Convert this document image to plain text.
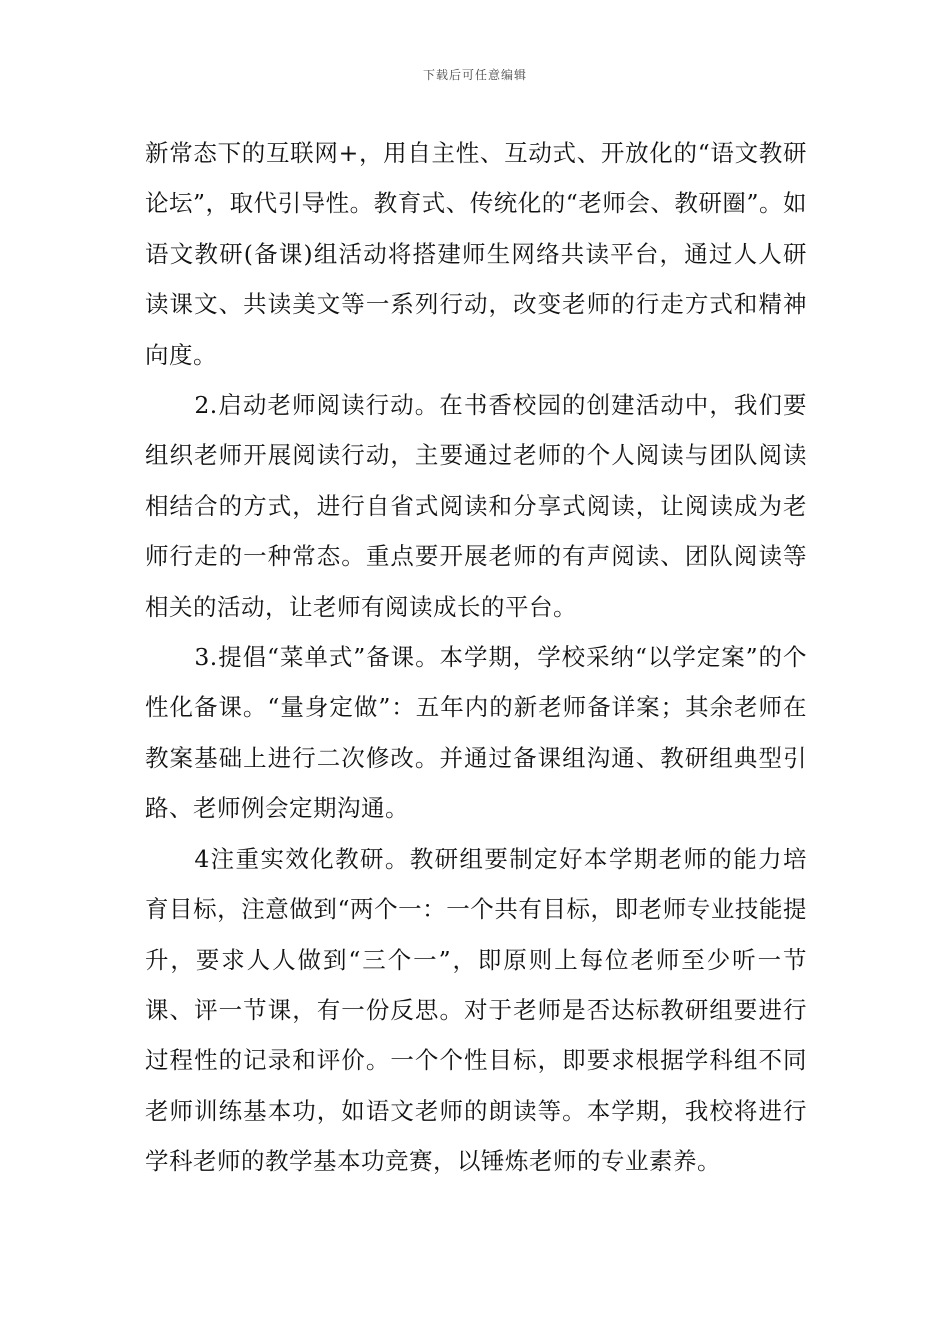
下载后可任意编辑

新常态下的互联网+，用自主性、互动式、开放化的“语文教研论坛”，取代引导性。教育式、传统化的“老师会、教研圈”。如语文教研(备课)组活动将搭建师生网络共读平台，通过人人研读课文、共读美文等一系列行动，改变老师的行走方式和精神向度。

2.启动老师阅读行动。在书香校园的创建活动中，我们要组织老师开展阅读行动，主要通过老师的个人阅读与团队阅读相结合的方式，进行自省式阅读和分享式阅读，让阅读成为老师行走的一种常态。重点要开展老师的有声阅读、团队阅读等相关的活动，让老师有阅读成长的平台。

3.提倡“菜单式”备课。本学期，学校采纳“以学定案”的个性化备课。“量身定做”：五年内的新老师备详案；其余老师在教案基础上进行二次修改。并通过备课组沟通、教研组典型引路、老师例会定期沟通。

4注重实效化教研。教研组要制定好本学期老师的能力培育目标，注意做到“两个一：一个共有目标，即老师专业技能提升，要求人人做到“三个一”，即原则上每位老师至少听一节课、评一节课，有一份反思。对于老师是否达标教研组要进行过程性的记录和评价。一个个性目标，即要求根据学科组不同老师训练基本功，如语文老师的朗读等。本学期，我校将进行学科老师的教学基本功竞赛，以锤炼老师的专业素养。
